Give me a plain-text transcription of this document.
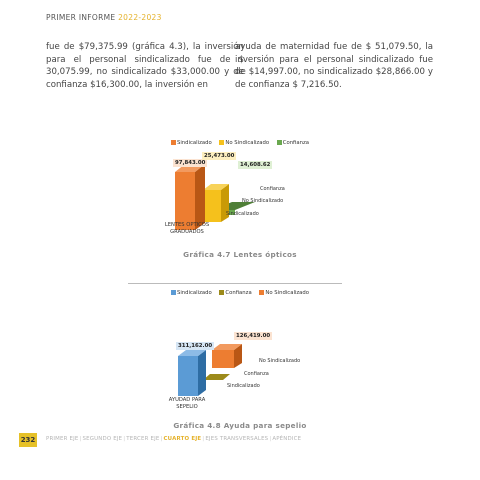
PRIMER INFORME 2022-2023
fue de $79,375.99 (gráfica 4.3), la inversión para el personal sindicalizado fue de $ 30,075.99, no sindicalizado $33,000.00 y de confianza $16,300.00, la inversión en
ayuda de maternidad fue de $ 51,079.50, la inversión para el personal sindicalizado fue de $14,997.00, no sindicalizado $28,866.00 y de confianza $ 7,216.50.
Sindicalizado	No Sindicalizado	Confianza
97,843.00
25,473.00
14,608.62
Confianza
No Sindicalizado
Sindicalizado
LENTES OPTICOS
GRADUADOS
Gráfica 4.7 Lentes ópticos
Sindicalizado	Confianza	No Sindicalizado
311,162.00
126,419.00
No Sindicalizado
Confianza
Sindicalizado
AYUDAD PARA
SEPELIO
Gráfica 4.8 Ayuda para sepelio
232	PRIMER EJE|SEGUNDO EJE|TERCER EJE|CUARTO EJE|EJES TRANSVERSALES|APÉNDICE
